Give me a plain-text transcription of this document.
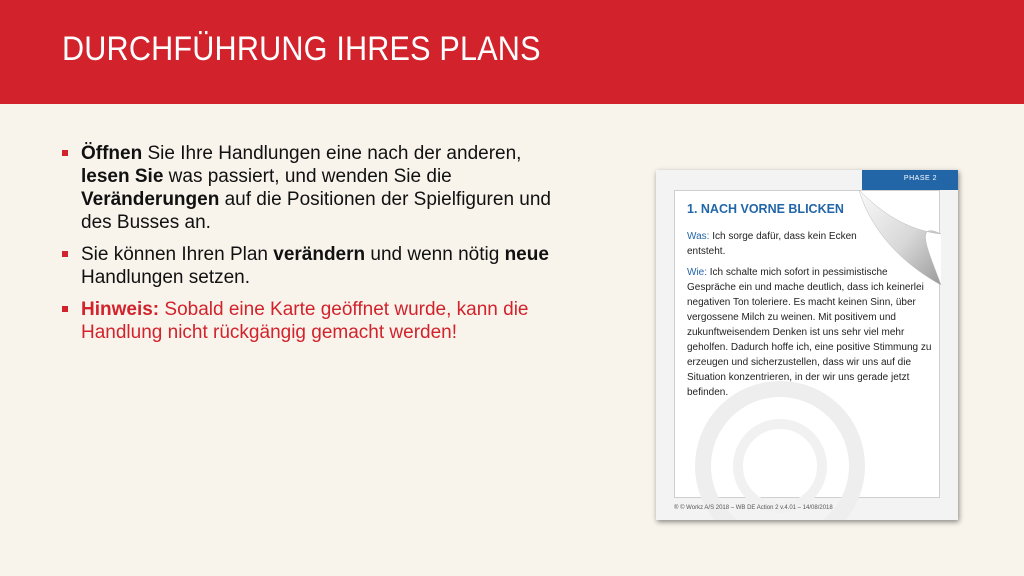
DURCHFÜHRUNG IHRES PLANS
Öffnen Sie Ihre Handlungen eine nach der anderen, lesen Sie was passiert, und wenden Sie die Veränderungen auf die Positionen der Spielfiguren und des Busses an.
Sie können Ihren Plan verändern und wenn nötig neue Handlungen setzen.
Hinweis: Sobald eine Karte geöffnet wurde, kann die Handlung nicht rückgängig gemacht werden!
PHASE 2
1. NACH VORNE BLICKEN
Was: Ich sorge dafür, dass kein Ecken entsteht.
Wie: Ich schalte mich sofort in pessimistische Gespräche ein und mache deutlich, dass ich keinerlei negativen Ton toleriere. Es macht keinen Sinn, über vergossene Milch zu weinen. Mit positivem und zukunftweisendem Denken ist uns sehr viel mehr geholfen. Dadurch hoffe ich, eine positive Stimmung zu erzeugen und sicherzustellen, dass wir uns auf die Situation konzentrieren, in der wir uns gerade jetzt befinden.
® © Workz A/S 2018 – WB DE Action 2 v.4.01 – 14/08/2018
